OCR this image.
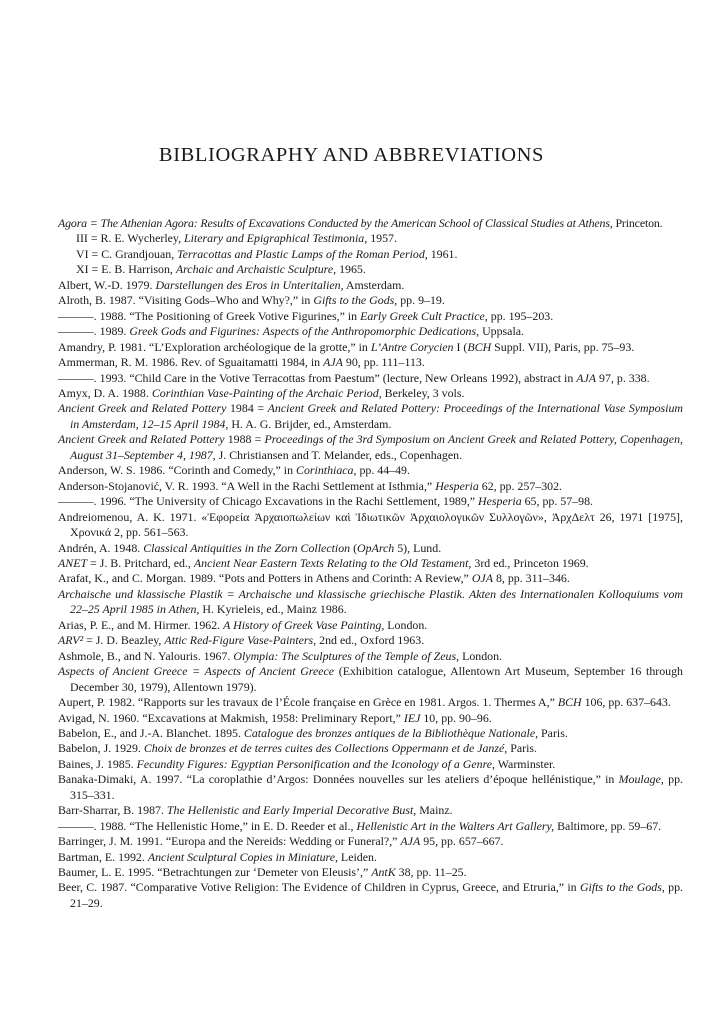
BIBLIOGRAPHY AND ABBREVIATIONS
Agora = The Athenian Agora: Results of Excavations Conducted by the American School of Classical Studies at Athens, Princeton.
III = R. E. Wycherley, Literary and Epigraphical Testimonia, 1957.
VI = C. Grandjouan, Terracottas and Plastic Lamps of the Roman Period, 1961.
XI = E. B. Harrison, Archaic and Archaistic Sculpture, 1965.
Albert, W.-D. 1979. Darstellungen des Eros in Unteritalien, Amsterdam.
Alroth, B. 1987. “Visiting Gods–Who and Why?,” in Gifts to the Gods, pp. 9–19.
———. 1988. “The Positioning of Greek Votive Figurines,” in Early Greek Cult Practice, pp. 195–203.
———. 1989. Greek Gods and Figurines: Aspects of the Anthropomorphic Dedications, Uppsala.
Amandry, P. 1981. “L’Exploration archéologique de la grotte,” in L’Antre Corycien I (BCH Suppl. VII), Paris, pp. 75–93.
Ammerman, R. M. 1986. Rev. of Sguaitamatti 1984, in AJA 90, pp. 111–113.
———. 1993. “Child Care in the Votive Terracottas from Paestum” (lecture, New Orleans 1992), abstract in AJA 97, p. 338.
Amyx, D. A. 1988. Corinthian Vase-Painting of the Archaic Period, Berkeley, 3 vols.
Ancient Greek and Related Pottery 1984 = Ancient Greek and Related Pottery: Proceedings of the International Vase Symposium in Amsterdam, 12–15 April 1984, H. A. G. Brijder, ed., Amsterdam.
Ancient Greek and Related Pottery 1988 = Proceedings of the 3rd Symposium on Ancient Greek and Related Pottery, Copenhagen, August 31–September 4, 1987, J. Christiansen and T. Melander, eds., Copenhagen.
Anderson, W. S. 1986. “Corinth and Comedy,” in Corinthiaca, pp. 44–49.
Anderson-Stojanović, V. R. 1993. “A Well in the Rachi Settlement at Isthmia,” Hesperia 62, pp. 257–302.
———. 1996. “The University of Chicago Excavations in the Rachi Settlement, 1989,” Hesperia 65, pp. 57–98.
Andreiomenou, A. K. 1971. «Ἐφορεία Ἀρχαιοπωλείων καὶ Ἰδιωτικῶν Ἀρχαιολογικῶν Συλλογῶν», ἈρχΔελτ 26, 1971 [1975], Χρονικά 2, pp. 561–563.
Andrén, A. 1948. Classical Antiquities in the Zorn Collection (OpArch 5), Lund.
ANET = J. B. Pritchard, ed., Ancient Near Eastern Texts Relating to the Old Testament, 3rd ed., Princeton 1969.
Arafat, K., and C. Morgan. 1989. “Pots and Potters in Athens and Corinth: A Review,” OJA 8, pp. 311–346.
Archaische und klassische Plastik = Archaische und klassische griechische Plastik. Akten des Internationalen Kolloquiums vom 22–25 April 1985 in Athen, H. Kyrieleis, ed., Mainz 1986.
Arias, P. E., and M. Hirmer. 1962. A History of Greek Vase Painting, London.
ARV² = J. D. Beazley, Attic Red-Figure Vase-Painters, 2nd ed., Oxford 1963.
Ashmole, B., and N. Yalouris. 1967. Olympia: The Sculptures of the Temple of Zeus, London.
Aspects of Ancient Greece = Aspects of Ancient Greece (Exhibition catalogue, Allentown Art Museum, September 16 through December 30, 1979), Allentown 1979).
Aupert, P. 1982. “Rapports sur les travaux de l’École française en Grèce en 1981. Argos. 1. Thermes A,” BCH 106, pp. 637–643.
Avigad, N. 1960. “Excavations at Makmish, 1958: Preliminary Report,” IEJ 10, pp. 90–96.
Babelon, E., and J.-A. Blanchet. 1895. Catalogue des bronzes antiques de la Bibliothèque Nationale, Paris.
Babelon, J. 1929. Choix de bronzes et de terres cuites des Collections Oppermann et de Janzé, Paris.
Baines, J. 1985. Fecundity Figures: Egyptian Personification and the Iconology of a Genre, Warminster.
Banaka-Dimaki, A. 1997. “La coroplathie d’Argos: Données nouvelles sur les ateliers d’époque hellénistique,” in Moulage, pp. 315–331.
Barr-Sharrar, B. 1987. The Hellenistic and Early Imperial Decorative Bust, Mainz.
———. 1988. “The Hellenistic Home,” in E. D. Reeder et al., Hellenistic Art in the Walters Art Gallery, Baltimore, pp. 59–67.
Barringer, J. M. 1991. “Europa and the Nereids: Wedding or Funeral?,” AJA 95, pp. 657–667.
Bartman, E. 1992. Ancient Sculptural Copies in Miniature, Leiden.
Baumer, L. E. 1995. “Betrachtungen zur ‘Demeter von Eleusis’,” AntK 38, pp. 11–25.
Beer, C. 1987. “Comparative Votive Religion: The Evidence of Children in Cyprus, Greece, and Etruria,” in Gifts to the Gods, pp. 21–29.
